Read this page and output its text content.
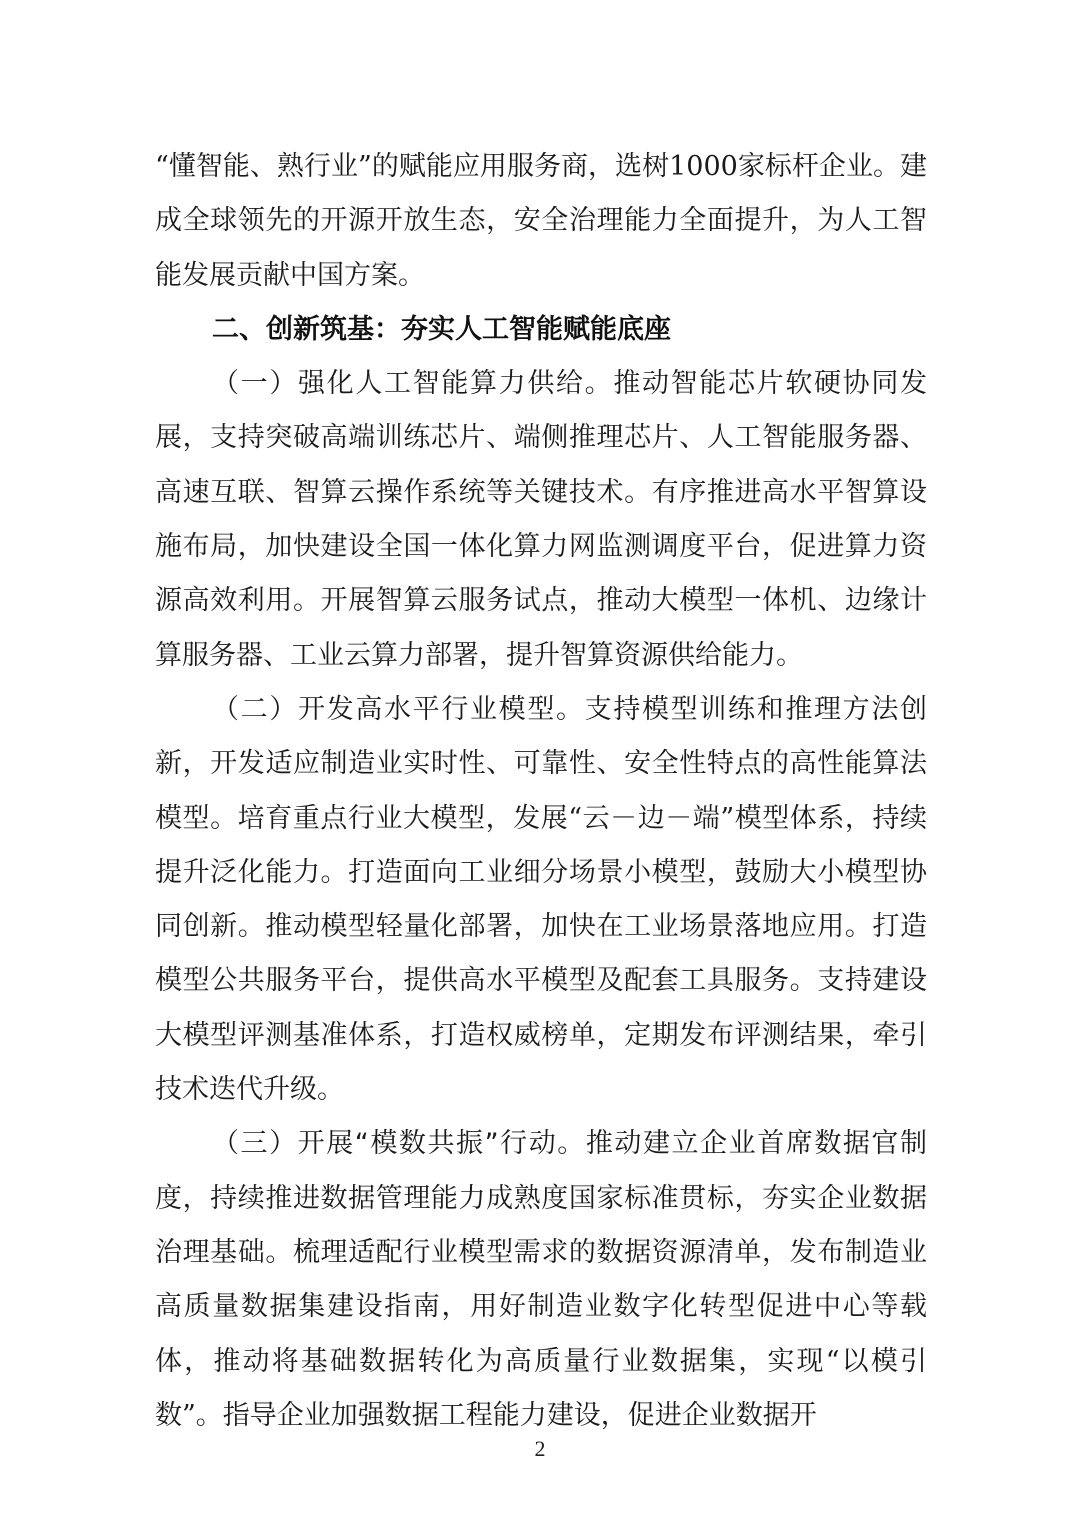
“懂智能、熟行业”的赋能应用服务商，选树1000家标杆企业。建成全球领先的开源开放生态，安全治理能力全面提升，为人工智能发展贡献中国方案。

二、创新筑基：夯实人工智能赋能底座

（一）强化人工智能算力供给。推动智能芯片软硬协同发展，支持突破高端训练芯片、端侧推理芯片、人工智能服务器、高速互联、智算云操作系统等关键技术。有序推进高水平智算设施布局，加快建设全国一体化算力网监测调度平台，促进算力资源高效利用。开展智算云服务试点，推动大模型一体机、边缘计算服务器、工业云算力部署，提升智算资源供给能力。

（二）开发高水平行业模型。支持模型训练和推理方法创新，开发适应制造业实时性、可靠性、安全性特点的高性能算法模型。培育重点行业大模型，发展“云－边－端”模型体系，持续提升泛化能力。打造面向工业细分场景小模型，鼓励大小模型协同创新。推动模型轻量化部署，加快在工业场景落地应用。打造模型公共服务平台，提供高水平模型及配套工具服务。支持建设大模型评测基准体系，打造权威榜单，定期发布评测结果，牵引技术迭代升级。

（三）开展“模数共振”行动。推动建立企业首席数据官制度，持续推进数据管理能力成熟度国家标准贯标，夯实企业数据治理基础。梳理适配行业模型需求的数据资源清单，发布制造业高质量数据集建设指南，用好制造业数字化转型促进中心等载体，推动将基础数据转化为高质量行业数据集，实现“以模引数”。指导企业加强数据工程能力建设，促进企业数据开

2
